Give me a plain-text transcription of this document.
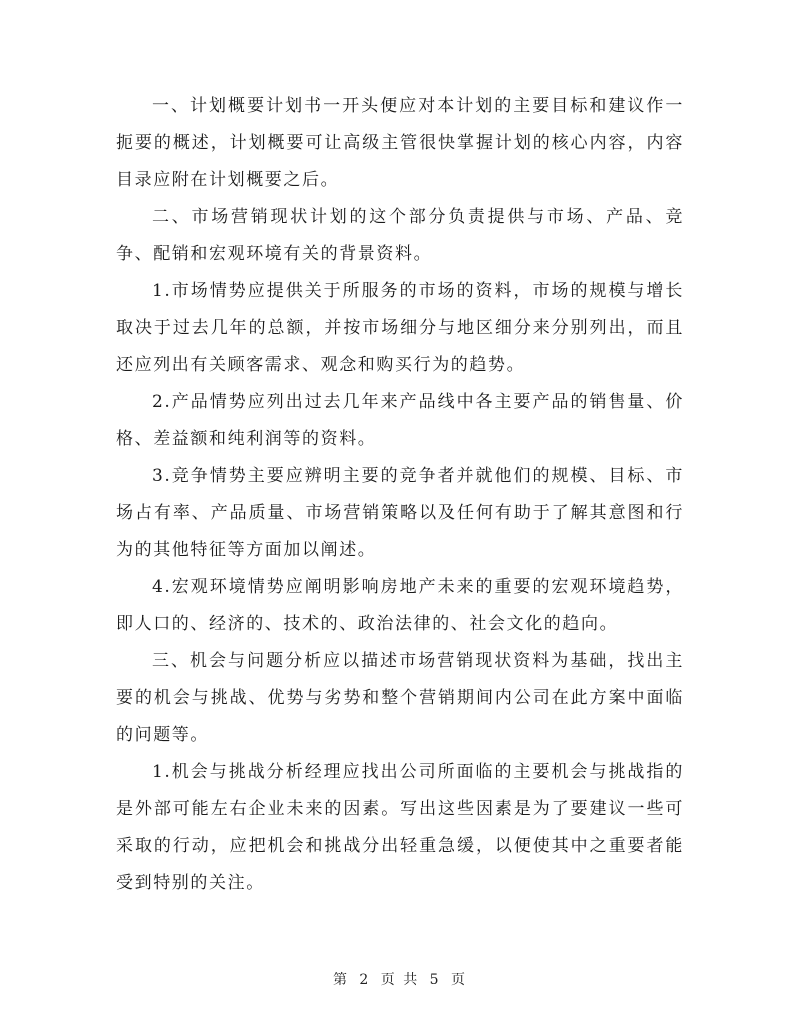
一、计划概要计划书一开头便应对本计划的主要目标和建议作一扼要的概述，计划概要可让高级主管很快掌握计划的核心内容，内容目录应附在计划概要之后。

二、市场营销现状计划的这个部分负责提供与市场、产品、竞争、配销和宏观环境有关的背景资料。

1.市场情势应提供关于所服务的市场的资料，市场的规模与增长取决于过去几年的总额，并按市场细分与地区细分来分别列出，而且还应列出有关顾客需求、观念和购买行为的趋势。

2.产品情势应列出过去几年来产品线中各主要产品的销售量、价格、差益额和纯利润等的资料。

3.竞争情势主要应辨明主要的竞争者并就他们的规模、目标、市场占有率、产品质量、市场营销策略以及任何有助于了解其意图和行为的其他特征等方面加以阐述。

4.宏观环境情势应阐明影响房地产未来的重要的宏观环境趋势，即人口的、经济的、技术的、政治法律的、社会文化的趋向。

三、机会与问题分析应以描述市场营销现状资料为基础，找出主要的机会与挑战、优势与劣势和整个营销期间内公司在此方案中面临的问题等。

1.机会与挑战分析经理应找出公司所面临的主要机会与挑战指的是外部可能左右企业未来的因素。写出这些因素是为了要建议一些可采取的行动，应把机会和挑战分出轻重急缓，以便使其中之重要者能受到特别的关注。

第 2 页 共 5 页
